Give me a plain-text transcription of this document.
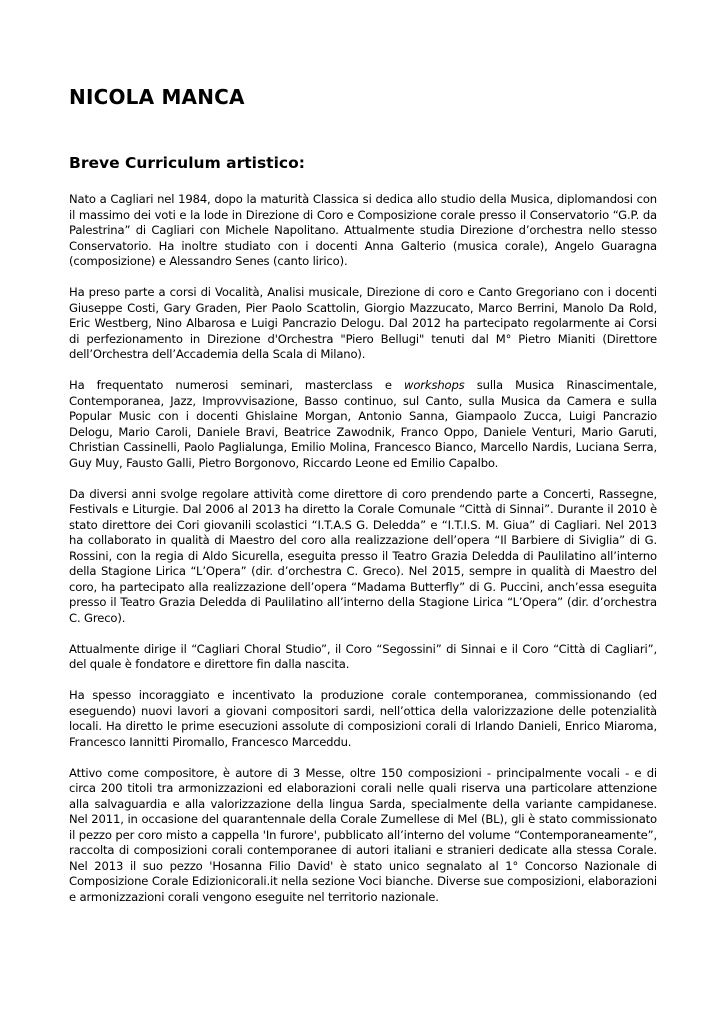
NICOLA MANCA
Breve Curriculum artistico:

Nato a Cagliari nel 1984, dopo la maturità Classica si dedica allo studio della Musica, diplomandosi con il massimo dei voti e la lode in Direzione di Coro e Composizione corale presso il Conservatorio “G.P. da Palestrina” di Cagliari con Michele Napolitano. Attualmente studia Direzione d’orchestra nello stesso Conservatorio. Ha inoltre studiato con i docenti Anna Galterio (musica corale), Angelo Guaragna (composizione) e Alessandro Senes (canto lirico).

Ha preso parte a corsi di Vocalità, Analisi musicale, Direzione di coro e Canto Gregoriano con i docenti Giuseppe Costi, Gary Graden, Pier Paolo Scattolin, Giorgio Mazzucato, Marco Berrini, Manolo Da Rold, Eric Westberg, Nino Albarosa e Luigi Pancrazio Delogu. Dal 2012 ha partecipato regolarmente ai Corsi di perfezionamento in Direzione d'Orchestra "Piero Bellugi" tenuti dal M° Pietro Mianiti (Direttore dell’Orchestra dell’Accademia della Scala di Milano).

Ha frequentato numerosi seminari, masterclass e workshops sulla Musica Rinascimentale, Contemporanea, Jazz, Improvvisazione, Basso continuo, sul Canto, sulla Musica da Camera e sulla Popular Music con i docenti Ghislaine Morgan, Antonio Sanna, Giampaolo Zucca, Luigi Pancrazio Delogu, Mario Caroli, Daniele Bravi, Beatrice Zawodnik, Franco Oppo, Daniele Venturi, Mario Garuti, Christian Cassinelli, Paolo Paglialunga, Emilio Molina, Francesco Bianco, Marcello Nardis, Luciana Serra, Guy Muy, Fausto Galli, Pietro Borgonovo, Riccardo Leone ed Emilio Capalbo.

Da diversi anni svolge regolare attività come direttore di coro prendendo parte a Concerti, Rassegne, Festivals e Liturgie. Dal 2006 al 2013 ha diretto la Corale Comunale “Città di Sinnai”. Durante il 2010 è stato direttore dei Cori giovanili scolastici “I.T.A.S G. Deledda” e “I.T.I.S. M. Giua” di Cagliari. Nel 2013 ha collaborato in qualità di Maestro del coro alla realizzazione dell’opera “Il Barbiere di Siviglia” di G. Rossini, con la regia di Aldo Sicurella, eseguita presso il Teatro Grazia Deledda di Paulilatino all’interno della Stagione Lirica “L’Opera” (dir. d’orchestra C. Greco). Nel 2015, sempre in qualità di Maestro del coro, ha partecipato alla realizzazione dell’opera “Madama Butterfly” di G. Puccini, anch’essa eseguita presso il Teatro Grazia Deledda di Paulilatino all’interno della Stagione Lirica “L’Opera” (dir. d’orchestra C. Greco).

Attualmente dirige il “Cagliari Choral Studio”, il Coro “Segossini” di Sinnai e il Coro “Città di Cagliari”, del quale è fondatore e direttore fin dalla nascita.

Ha spesso incoraggiato e incentivato la produzione corale contemporanea, commissionando (ed eseguendo) nuovi lavori a giovani compositori sardi, nell’ottica della valorizzazione delle potenzialità locali. Ha diretto le prime esecuzioni assolute di composizioni corali di Irlando Danieli, Enrico Miaroma, Francesco Iannitti Piromallo, Francesco Marceddu.

Attivo come compositore, è autore di 3 Messe, oltre 150 composizioni - principalmente vocali - e di circa 200 titoli tra armonizzazioni ed elaborazioni corali nelle quali riserva una particolare attenzione alla salvaguardia e alla valorizzazione della lingua Sarda, specialmente della variante campidanese. Nel 2011, in occasione del quarantennale della Corale Zumellese di Mel (BL), gli è stato commissionato il pezzo per coro misto a cappella 'In furore', pubblicato all’interno del volume “Contemporaneamente”, raccolta di composizioni corali contemporanee di autori italiani e stranieri dedicate alla stessa Corale. Nel 2013 il suo pezzo 'Hosanna Filio David' è stato unico segnalato al 1° Concorso Nazionale di Composizione Corale Edizionicorali.it nella sezione Voci bianche. Diverse sue composizioni, elaborazioni e armonizzazioni corali vengono eseguite nel territorio nazionale.
